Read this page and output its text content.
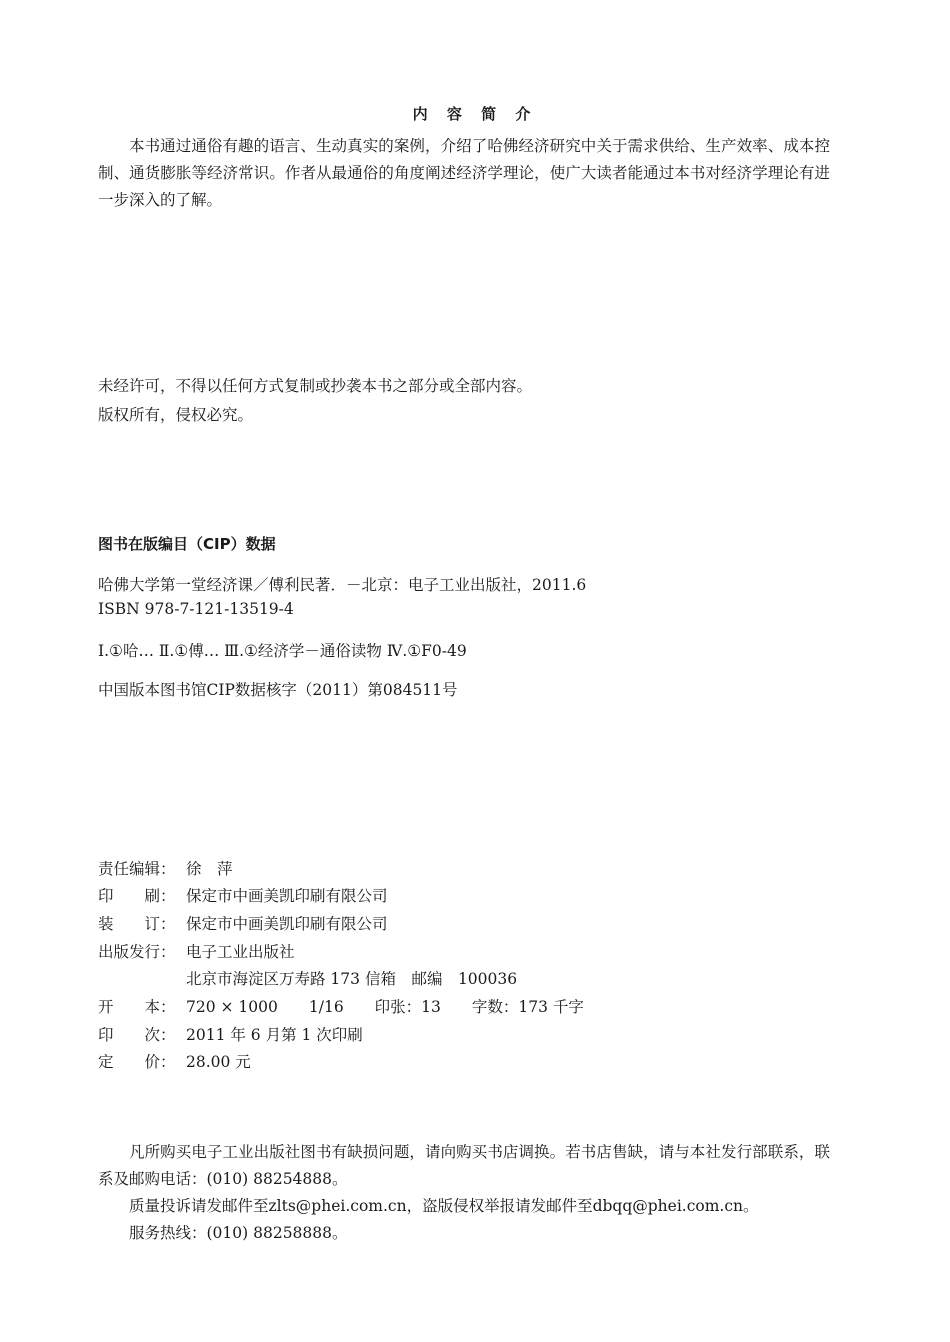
内 容 简 介
本书通过通俗有趣的语言、生动真实的案例，介绍了哈佛经济研究中关于需求供给、生产效率、成本控制、通货膨胀等经济常识。作者从最通俗的角度阐述经济学理论，使广大读者能通过本书对经济学理论有进一步深入的了解。
未经许可，不得以任何方式复制或抄袭本书之部分或全部内容。
版权所有，侵权必究。
图书在版编目（CIP）数据
哈佛大学第一堂经济课／傅利民著．－北京：电子工业出版社，2011.6
ISBN 978-7-121-13519-4
Ⅰ.①哈… Ⅱ.①傅… Ⅲ.①经济学－通俗读物 Ⅳ.①F0-49
中国版本图书馆CIP数据核字（2011）第084511号
责任编辑： 徐　萍
印　　刷： 保定市中画美凯印刷有限公司
装　　订： 保定市中画美凯印刷有限公司
出版发行： 电子工业出版社
北京市海淀区万寿路 173 信箱　邮编　100036
开　　本： 720 × 1000　　1/16　　印张：13　　字数：173 千字
印　　次： 2011 年 6 月第 1 次印刷
定　　价： 28.00 元

凡所购买电子工业出版社图书有缺损问题，请向购买书店调换。若书店售缺，请与本社发行部联系，联系及邮购电话：(010) 88254888。

质量投诉请发邮件至zlts@phei.com.cn，盗版侵权举报请发邮件至dbqq@phei.com.cn。

服务热线：(010) 88258888。
